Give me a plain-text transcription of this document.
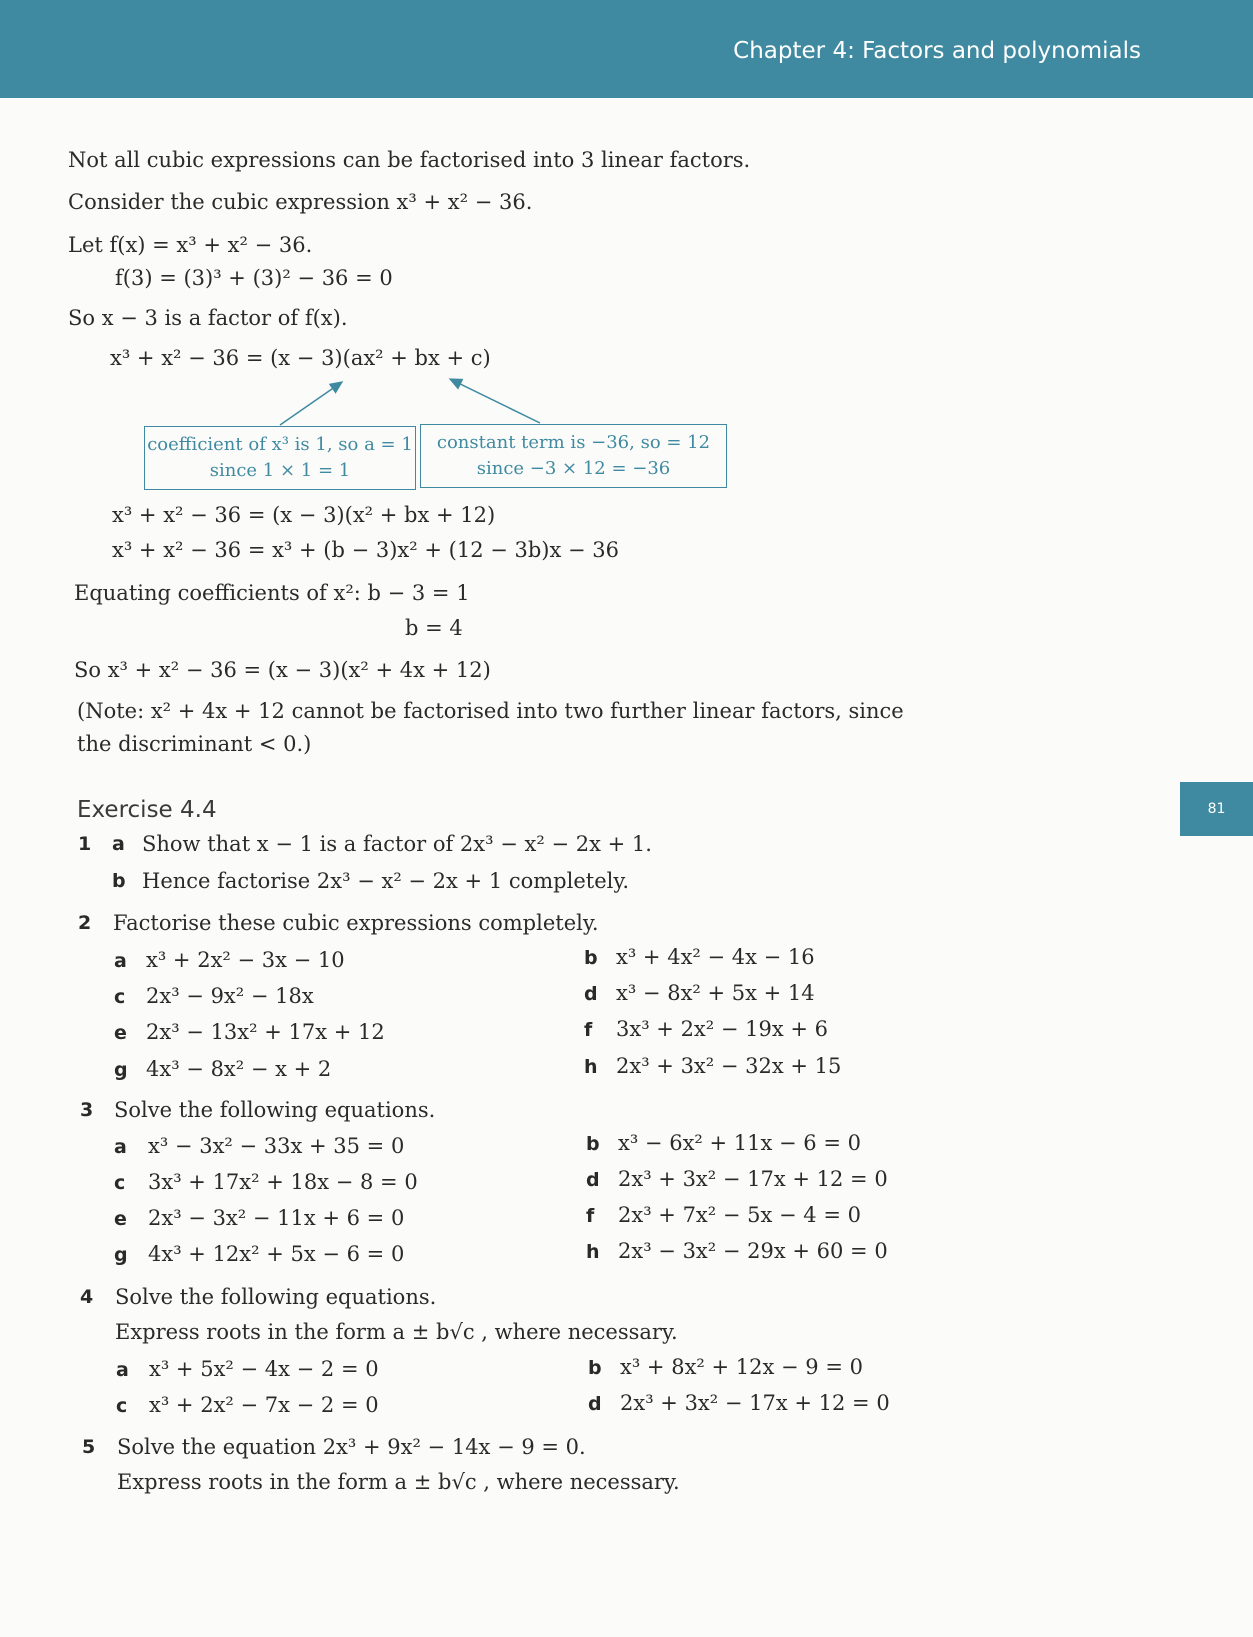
Chapter 4: Factors and polynomials
81
Not all cubic expressions can be factorised into 3 linear factors.
Consider the cubic expression x³ + x² − 36.
Let f(x) = x³ + x² − 36.
f(3) = (3)³ + (3)² − 36 = 0
So x − 3 is a factor of f(x).
x³ + x² − 36 = (x − 3)(ax² + bx + c)
coefficient of x³ is 1, so a = 1
since 1 × 1 = 1
constant term is −36, so = 12
since −3 × 12 = −36
x³ + x² − 36 = (x − 3)(x² + bx + 12)
x³ + x² − 36 = x³ + (b − 3)x² + (12 − 3b)x − 36
Equating coefficients of x²: b − 3 = 1
b = 4
So x³ + x² − 36 = (x − 3)(x² + 4x + 12)
(Note: x² + 4x + 12 cannot be factorised into two further linear factors, since
the discriminant < 0.)
Exercise 4.4
1 a Show that x − 1 is a factor of 2x³ − x² − 2x + 1.
b Hence factorise 2x³ − x² − 2x + 1 completely.
2 Factorise these cubic expressions completely.
a x³ + 2x² − 3x − 10	b x³ + 4x² − 4x − 16
c 2x³ − 9x² − 18x	d x³ − 8x² + 5x + 14
e 2x³ − 13x² + 17x + 12	f 3x³ + 2x² − 19x + 6
g 4x³ − 8x² − x + 2	h 2x³ + 3x² − 32x + 15
3 Solve the following equations.
a x³ − 3x² − 33x + 35 = 0	b x³ − 6x² + 11x − 6 = 0
c 3x³ + 17x² + 18x − 8 = 0	d 2x³ + 3x² − 17x + 12 = 0
e 2x³ − 3x² − 11x + 6 = 0	f 2x³ + 7x² − 5x − 4 = 0
g 4x³ + 12x² + 5x − 6 = 0	h 2x³ − 3x² − 29x + 60 = 0
4 Solve the following equations.
Express roots in the form a ± b√c , where necessary.
a x³ + 5x² − 4x − 2 = 0	b x³ + 8x² + 12x − 9 = 0
c x³ + 2x² − 7x − 2 = 0	d 2x³ + 3x² − 17x + 12 = 0
5 Solve the equation 2x³ + 9x² − 14x − 9 = 0.
Express roots in the form a ± b√c , where necessary.
